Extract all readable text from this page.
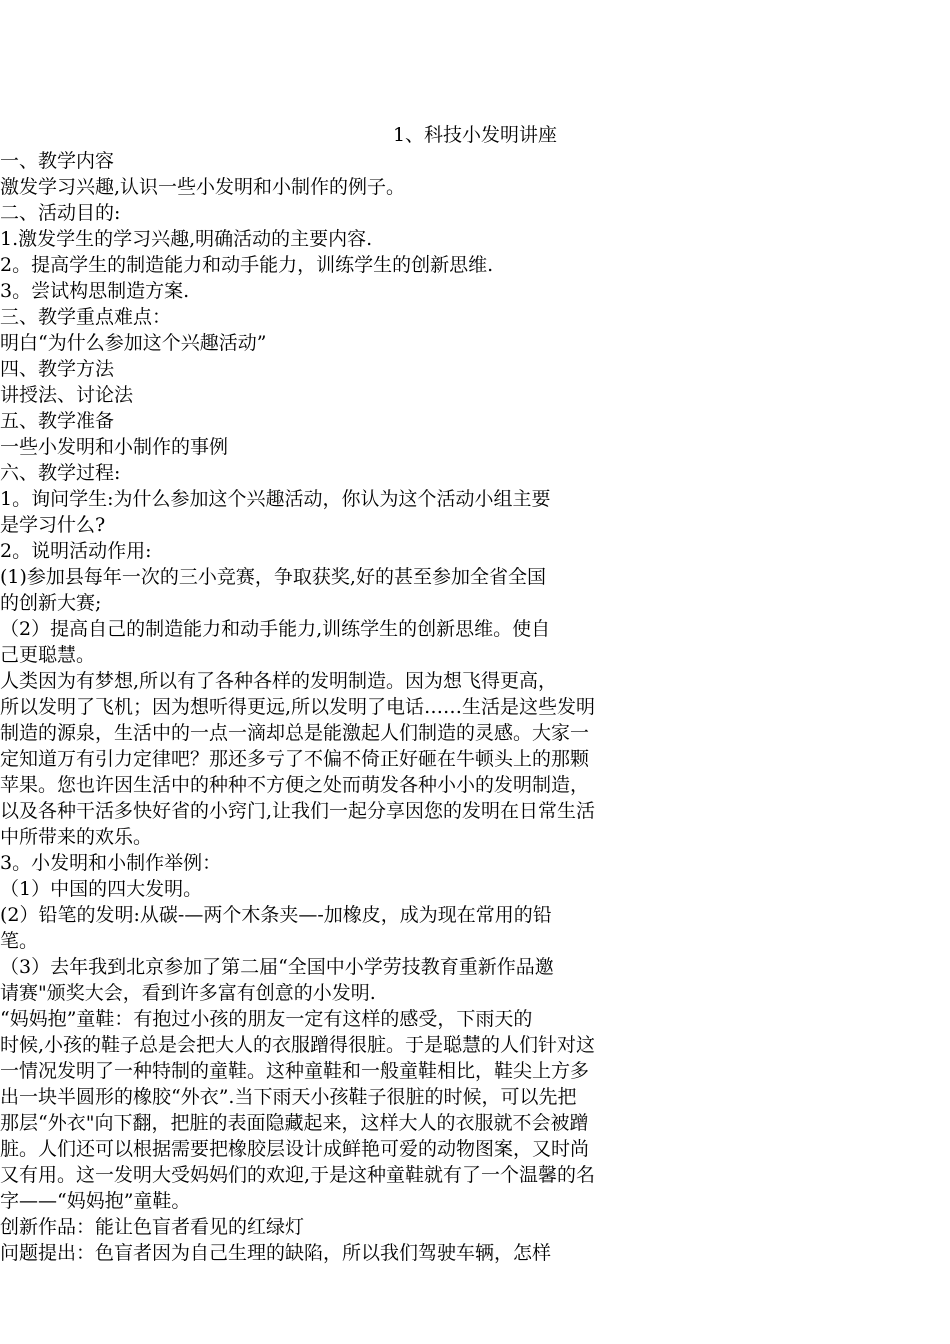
1、科技小发明讲座

一、教学内容

激发学习兴趣,认识一些小发明和小制作的例子。

二、活动目的:

1.激发学生的学习兴趣,明确活动的主要内容.

2。提高学生的制造能力和动手能力，训练学生的创新思维.

3。尝试构思制造方案.

三、教学重点难点：

明白“为什么参加这个兴趣活动”

四、教学方法

讲授法、讨论法

五、教学准备

一些小发明和小制作的事例

六、教学过程:

1。询问学生:为什么参加这个兴趣活动，你认为这个活动小组主要

是学习什么?

2。说明活动作用:

(1)参加县每年一次的三小竞赛，争取获奖,好的甚至参加全省全国

的创新大赛;

（2）提高自己的制造能力和动手能力,训练学生的创新思维。使自

己更聪慧。

人类因为有梦想,所以有了各种各样的发明制造。因为想飞得更高，

所以发明了飞机；因为想听得更远,所以发明了电话……生活是这些发明

制造的源泉，生活中的一点一滴却总是能激起人们制造的灵感。大家一

定知道万有引力定律吧？那还多亏了不偏不倚正好砸在牛顿头上的那颗

苹果。您也许因生活中的种种不方便之处而萌发各种小小的发明制造，

以及各种干活多快好省的小窍门,让我们一起分享因您的发明在日常生活

中所带来的欢乐。

3。小发明和小制作举例：

（1）中国的四大发明。

(2）铅笔的发明:从碳-—两个木条夹—-加橡皮，成为现在常用的铅

笔。

（3）去年我到北京参加了第二届“全国中小学劳技教育重新作品邀

请赛"颁奖大会，看到许多富有创意的小发明.

“妈妈抱”童鞋：有抱过小孩的朋友一定有这样的感受，下雨天的

时候,小孩的鞋子总是会把大人的衣服蹭得很脏。于是聪慧的人们针对这

一情况发明了一种特制的童鞋。这种童鞋和一般童鞋相比，鞋尖上方多

出一块半圆形的橡胶“外衣”.当下雨天小孩鞋子很脏的时候，可以先把

那层“外衣"向下翻，把脏的表面隐藏起来，这样大人的衣服就不会被蹭

脏。人们还可以根据需要把橡胶层设计成鲜艳可爱的动物图案，又时尚

又有用。这一发明大受妈妈们的欢迎,于是这种童鞋就有了一个温馨的名

字——“妈妈抱”童鞋。

创新作品：能让色盲者看见的红绿灯

问题提出：色盲者因为自己生理的缺陷，所以我们驾驶车辆，怎样
